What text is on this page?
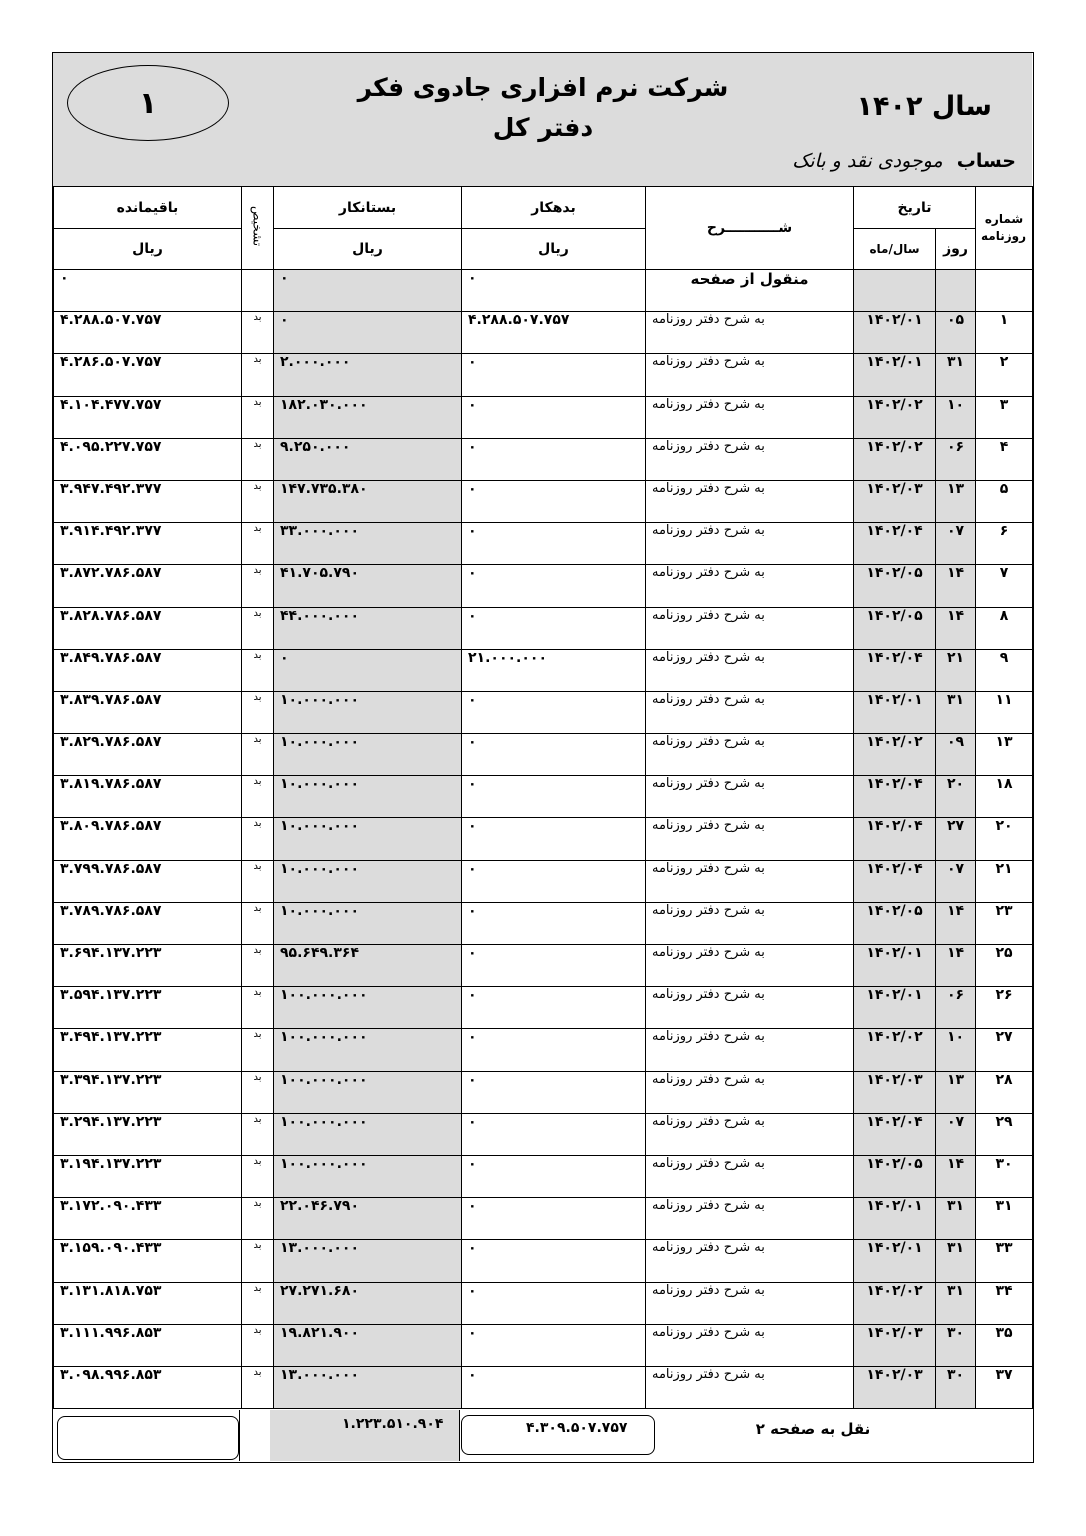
۱	شرکت نرم افزاری جادوی فکر
دفتر کل
سال ۱۴۰۲
حساب موجودی نقد و بانک
شماره روزنامه	تاریخ		شـــــــــــرح	بدهکار	بستانکار	تشخیص	باقیمانده
	روز	سال/ماه		ریال	ریال		ریال
			منقول از صفحه	۰	۰		۰
۱	۰۵	۱۴۰۲/۰۱	به شرح دفتر روزنامه	۴.۲۸۸.۵۰۷.۷۵۷	۰	بد	۴.۲۸۸.۵۰۷.۷۵۷
۲	۳۱	۱۴۰۲/۰۱	به شرح دفتر روزنامه	۰	۲.۰۰۰.۰۰۰	بد	۴.۲۸۶.۵۰۷.۷۵۷
۳	۱۰	۱۴۰۲/۰۲	به شرح دفتر روزنامه	۰	۱۸۲.۰۳۰.۰۰۰	بد	۴.۱۰۴.۴۷۷.۷۵۷
۴	۰۶	۱۴۰۲/۰۲	به شرح دفتر روزنامه	۰	۹.۲۵۰.۰۰۰	بد	۴.۰۹۵.۲۲۷.۷۵۷
۵	۱۳	۱۴۰۲/۰۳	به شرح دفتر روزنامه	۰	۱۴۷.۷۳۵.۳۸۰	بد	۳.۹۴۷.۴۹۲.۳۷۷
۶	۰۷	۱۴۰۲/۰۴	به شرح دفتر روزنامه	۰	۳۳.۰۰۰.۰۰۰	بد	۳.۹۱۴.۴۹۲.۳۷۷
۷	۱۴	۱۴۰۲/۰۵	به شرح دفتر روزنامه	۰	۴۱.۷۰۵.۷۹۰	بد	۳.۸۷۲.۷۸۶.۵۸۷
۸	۱۴	۱۴۰۲/۰۵	به شرح دفتر روزنامه	۰	۴۴.۰۰۰.۰۰۰	بد	۳.۸۲۸.۷۸۶.۵۸۷
۹	۲۱	۱۴۰۲/۰۴	به شرح دفتر روزنامه	۲۱.۰۰۰.۰۰۰	۰	بد	۳.۸۴۹.۷۸۶.۵۸۷
۱۱	۳۱	۱۴۰۲/۰۱	به شرح دفتر روزنامه	۰	۱۰.۰۰۰.۰۰۰	بد	۳.۸۳۹.۷۸۶.۵۸۷
۱۳	۰۹	۱۴۰۲/۰۲	به شرح دفتر روزنامه	۰	۱۰.۰۰۰.۰۰۰	بد	۳.۸۲۹.۷۸۶.۵۸۷
۱۸	۲۰	۱۴۰۲/۰۴	به شرح دفتر روزنامه	۰	۱۰.۰۰۰.۰۰۰	بد	۳.۸۱۹.۷۸۶.۵۸۷
۲۰	۲۷	۱۴۰۲/۰۴	به شرح دفتر روزنامه	۰	۱۰.۰۰۰.۰۰۰	بد	۳.۸۰۹.۷۸۶.۵۸۷
۲۱	۰۷	۱۴۰۲/۰۴	به شرح دفتر روزنامه	۰	۱۰.۰۰۰.۰۰۰	بد	۳.۷۹۹.۷۸۶.۵۸۷
۲۳	۱۴	۱۴۰۲/۰۵	به شرح دفتر روزنامه	۰	۱۰.۰۰۰.۰۰۰	بد	۳.۷۸۹.۷۸۶.۵۸۷
۲۵	۱۴	۱۴۰۲/۰۱	به شرح دفتر روزنامه	۰	۹۵.۶۴۹.۳۶۴	بد	۳.۶۹۴.۱۳۷.۲۲۳
۲۶	۰۶	۱۴۰۲/۰۱	به شرح دفتر روزنامه	۰	۱۰۰.۰۰۰.۰۰۰	بد	۳.۵۹۴.۱۳۷.۲۲۳
۲۷	۱۰	۱۴۰۲/۰۲	به شرح دفتر روزنامه	۰	۱۰۰.۰۰۰.۰۰۰	بد	۳.۴۹۴.۱۳۷.۲۲۳
۲۸	۱۳	۱۴۰۲/۰۳	به شرح دفتر روزنامه	۰	۱۰۰.۰۰۰.۰۰۰	بد	۳.۳۹۴.۱۳۷.۲۲۳
۲۹	۰۷	۱۴۰۲/۰۴	به شرح دفتر روزنامه	۰	۱۰۰.۰۰۰.۰۰۰	بد	۳.۲۹۴.۱۳۷.۲۲۳
۳۰	۱۴	۱۴۰۲/۰۵	به شرح دفتر روزنامه	۰	۱۰۰.۰۰۰.۰۰۰	بد	۳.۱۹۴.۱۳۷.۲۲۳
۳۱	۳۱	۱۴۰۲/۰۱	به شرح دفتر روزنامه	۰	۲۲.۰۴۶.۷۹۰	بد	۳.۱۷۲.۰۹۰.۴۳۳
۳۳	۳۱	۱۴۰۲/۰۱	به شرح دفتر روزنامه	۰	۱۳.۰۰۰.۰۰۰	بد	۳.۱۵۹.۰۹۰.۴۳۳
۳۴	۳۱	۱۴۰۲/۰۲	به شرح دفتر روزنامه	۰	۲۷.۲۷۱.۶۸۰	بد	۳.۱۳۱.۸۱۸.۷۵۳
۳۵	۳۰	۱۴۰۲/۰۳	به شرح دفتر روزنامه	۰	۱۹.۸۲۱.۹۰۰	بد	۳.۱۱۱.۹۹۶.۸۵۳
۳۷	۳۰	۱۴۰۲/۰۳	به شرح دفتر روزنامه	۰	۱۳.۰۰۰.۰۰۰	بد	۳.۰۹۸.۹۹۶.۸۵۳
۱.۲۲۳.۵۱۰.۹۰۴	۴.۳۰۹.۵۰۷.۷۵۷	نقل به صفحه ۲
